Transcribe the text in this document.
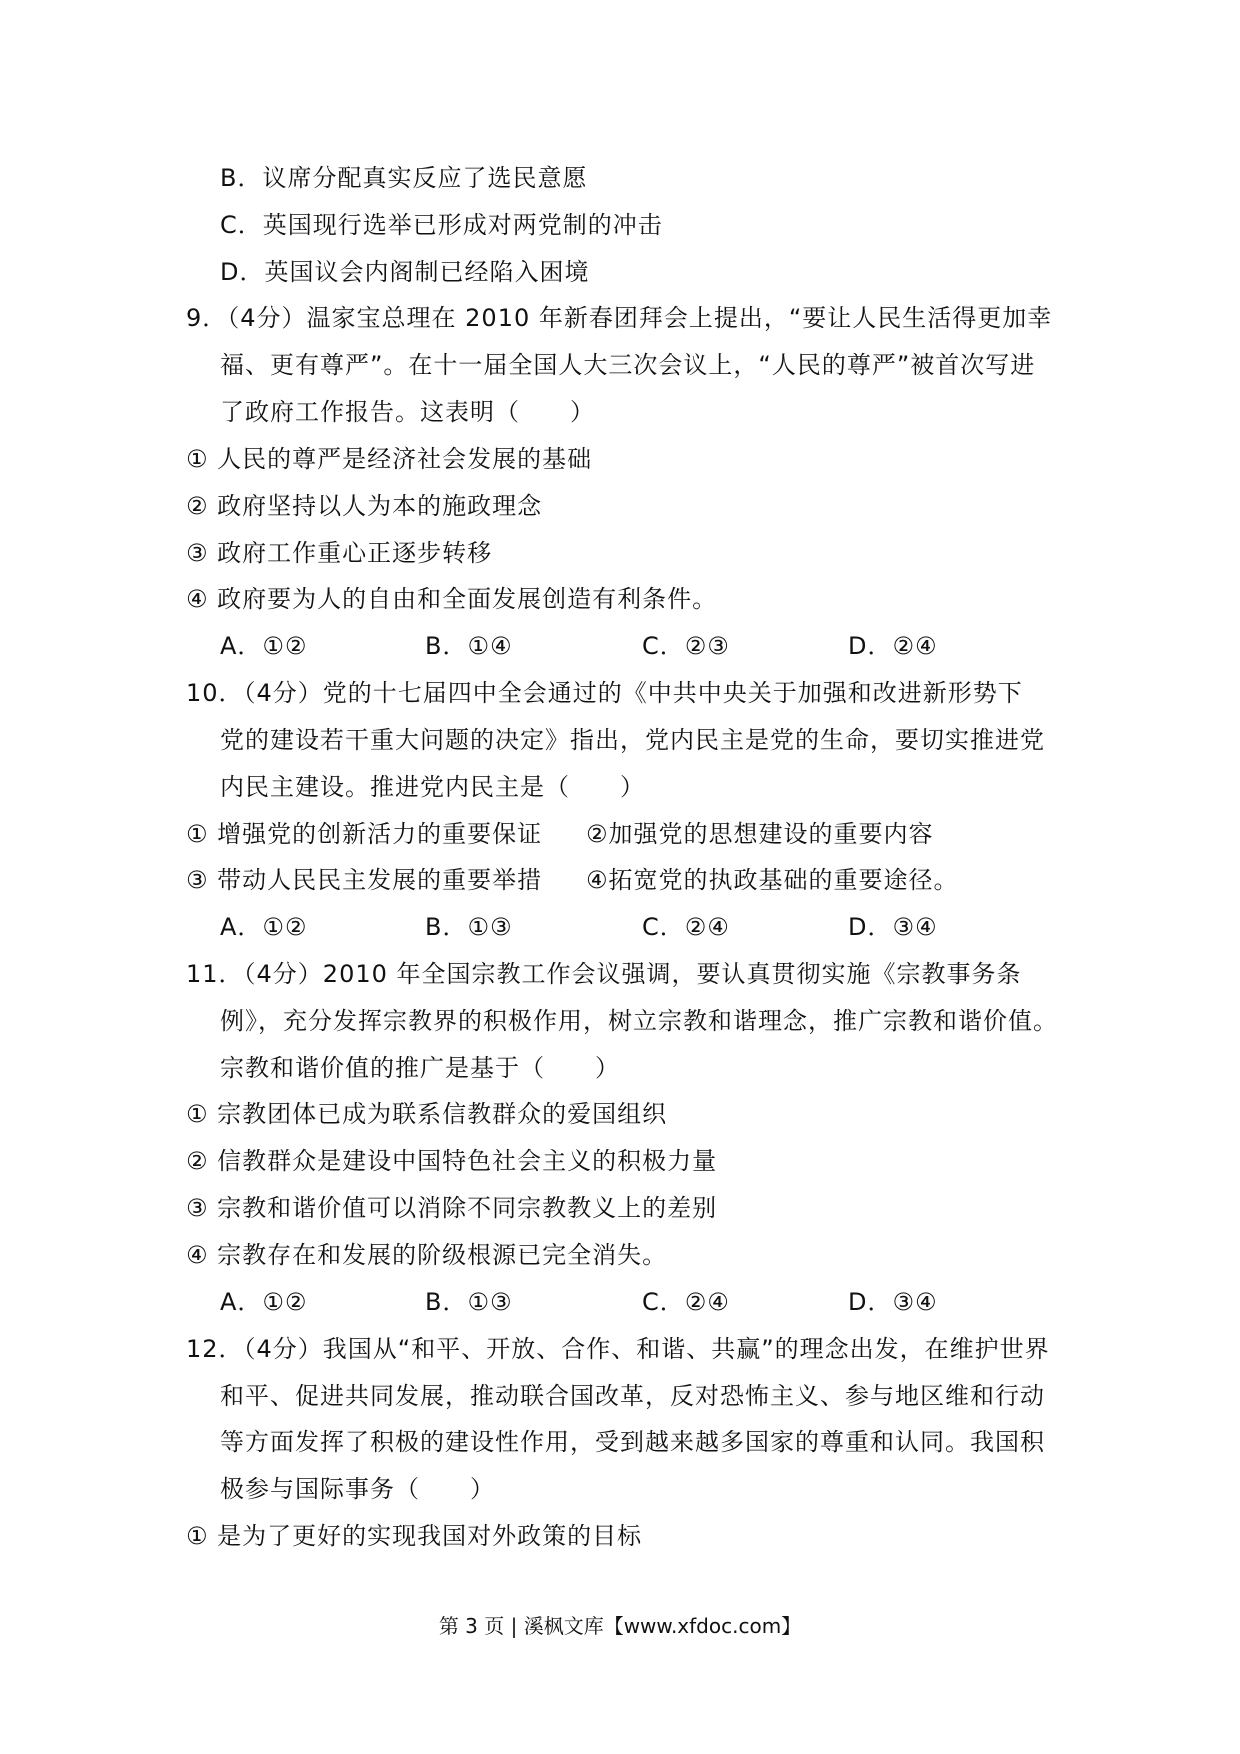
B．议席分配真实反应了选民意愿
C．英国现行选举已形成对两党制的冲击
D．英国议会内阁制已经陷入困境
9．（4分）温家宝总理在 2010 年新春团拜会上提出，“要让人民生活得更加幸
福、更有尊严”。在十一届全国人大三次会议上，“人民的尊严”被首次写进
了政府工作报告。这表明（　　）
① 人民的尊严是经济社会发展的基础
② 政府坚持以人为本的施政理念
③ 政府工作重心正逐步转移
④ 政府要为人的自由和全面发展创造有利条件。
A．①②	B．①④	C．②③	D．②④
10．（4分）党的十七届四中全会通过的《中共中央关于加强和改进新形势下
党的建设若干重大问题的决定》指出，党内民主是党的生命，要切实推进党
内民主建设。推进党内民主是（　　）
① 增强党的创新活力的重要保证 ②加强党的思想建设的重要内容
③ 带动人民民主发展的重要举措 ④拓宽党的执政基础的重要途径。
A．①②	B．①③	C．②④	D．③④
11．（4分）2010 年全国宗教工作会议强调，要认真贯彻实施《宗教事务条
例》，充分发挥宗教界的积极作用，树立宗教和谐理念，推广宗教和谐价值。
宗教和谐价值的推广是基于（　　）
① 宗教团体已成为联系信教群众的爱国组织
② 信教群众是建设中国特色社会主义的积极力量
③ 宗教和谐价值可以消除不同宗教教义上的差别
④ 宗教存在和发展的阶级根源已完全消失。
A．①②	B．①③	C．②④	D．③④
12．（4分）我国从“和平、开放、合作、和谐、共赢”的理念出发，在维护世界
和平、促进共同发展，推动联合国改革，反对恐怖主义、参与地区维和行动
等方面发挥了积极的建设性作用，受到越来越多国家的尊重和认同。我国积
极参与国际事务（　　）
① 是为了更好的实现我国对外政策的目标
第 3 页 | 溪枫文库【www.xfdoc.com】
